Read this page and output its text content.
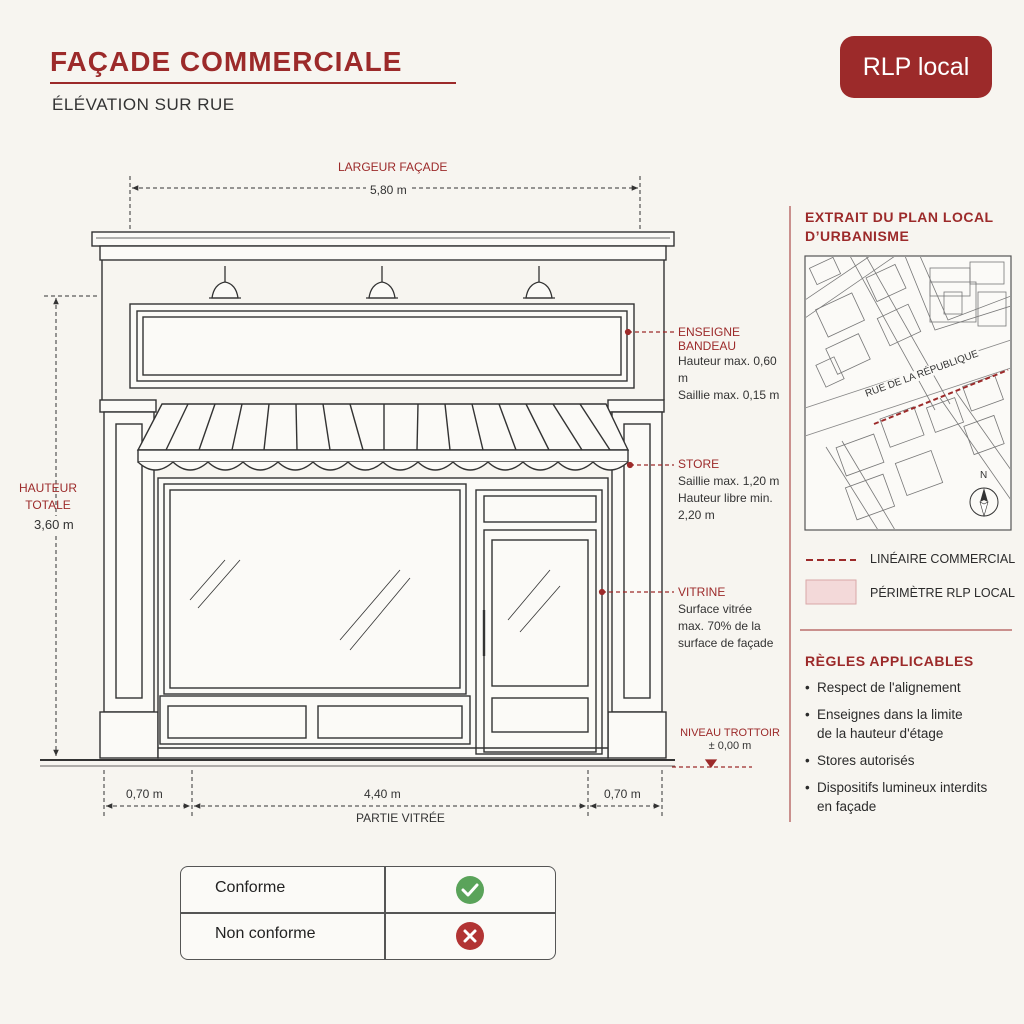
FAÇADE COMMERCIALE
ÉLÉVATION SUR RUE
RLP local
LARGEUR FAÇADE
5,80 m
HAUTEUR
TOTALE
3,60 m
0,70 m	4,40 m	0,70 m
PARTIE VITRÉE
ENSEIGNE BANDEAU
Hauteur max. 0,60 m
Saillie max. 0,15 m
STORE
Saillie max. 1,20 m
Hauteur libre min.
2,20 m
VITRINE
Surface vitrée
max. 70% de la
surface de façade
NIVEAU TROTTOIR
± 0,00 m
EXTRAIT DU PLAN LOCAL
D’URBANISME
RUE DE LA RÉPUBLIQUE
N
LINÉAIRE COMMERCIAL
PÉRIMÈTRE RLP LOCAL
RÈGLES APPLICABLES
• Respect de l'alignement
• Enseignes dans la limite
de la hauteur d'étage
• Stores autorisés
• Dispositifs lumineux interdits
en façade
Conforme
Non conforme
